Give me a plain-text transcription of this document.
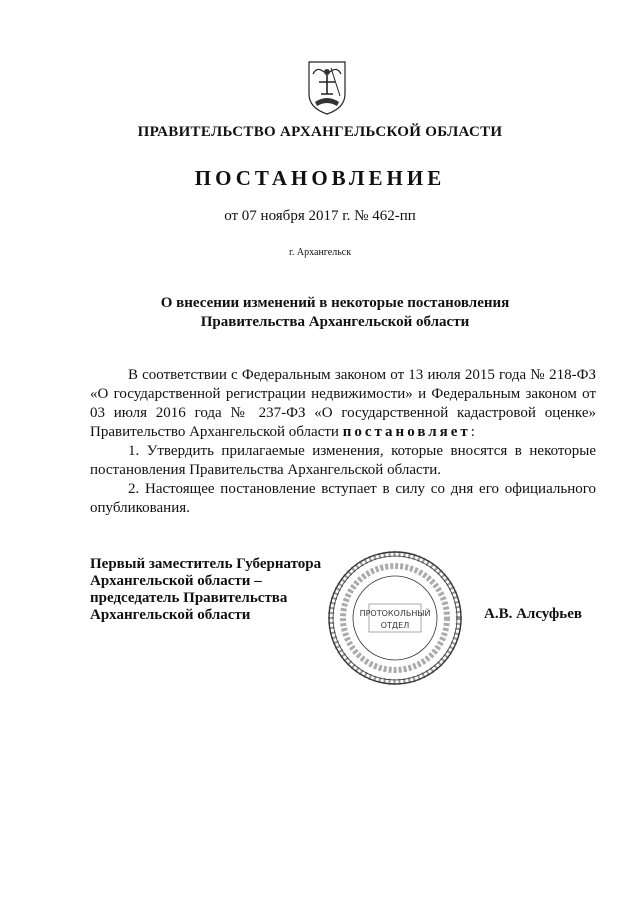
ПРАВИТЕЛЬСТВО АРХАНГЕЛЬСКОЙ ОБЛАСТИ
ПОСТАНОВЛЕНИЕ
от 07 ноября 2017 г. № 462-пп
г. Архангельск
О внесении изменений в некоторые постановления
Правительства Архангельской области

В соответствии с Федеральным законом от 13 июля 2015 года № 218-ФЗ «О государственной регистрации недвижимости» и Федеральным законом от 03 июля 2016 года № 237-ФЗ «О государственной кадастровой оценке» Правительство Архангельской области постановляет:

1. Утвердить прилагаемые изменения, которые вносятся в некоторые постановления Правительства Архангельской области.

2. Настоящее постановление вступает в силу со дня его официального опубликования.

Первый заместитель Губернатора
Архангельской области –
председатель Правительства
Архангельской области	ПРОТОКОЛЬНЫЙ
ОТДЕЛ
А.В. Алсуфьев
